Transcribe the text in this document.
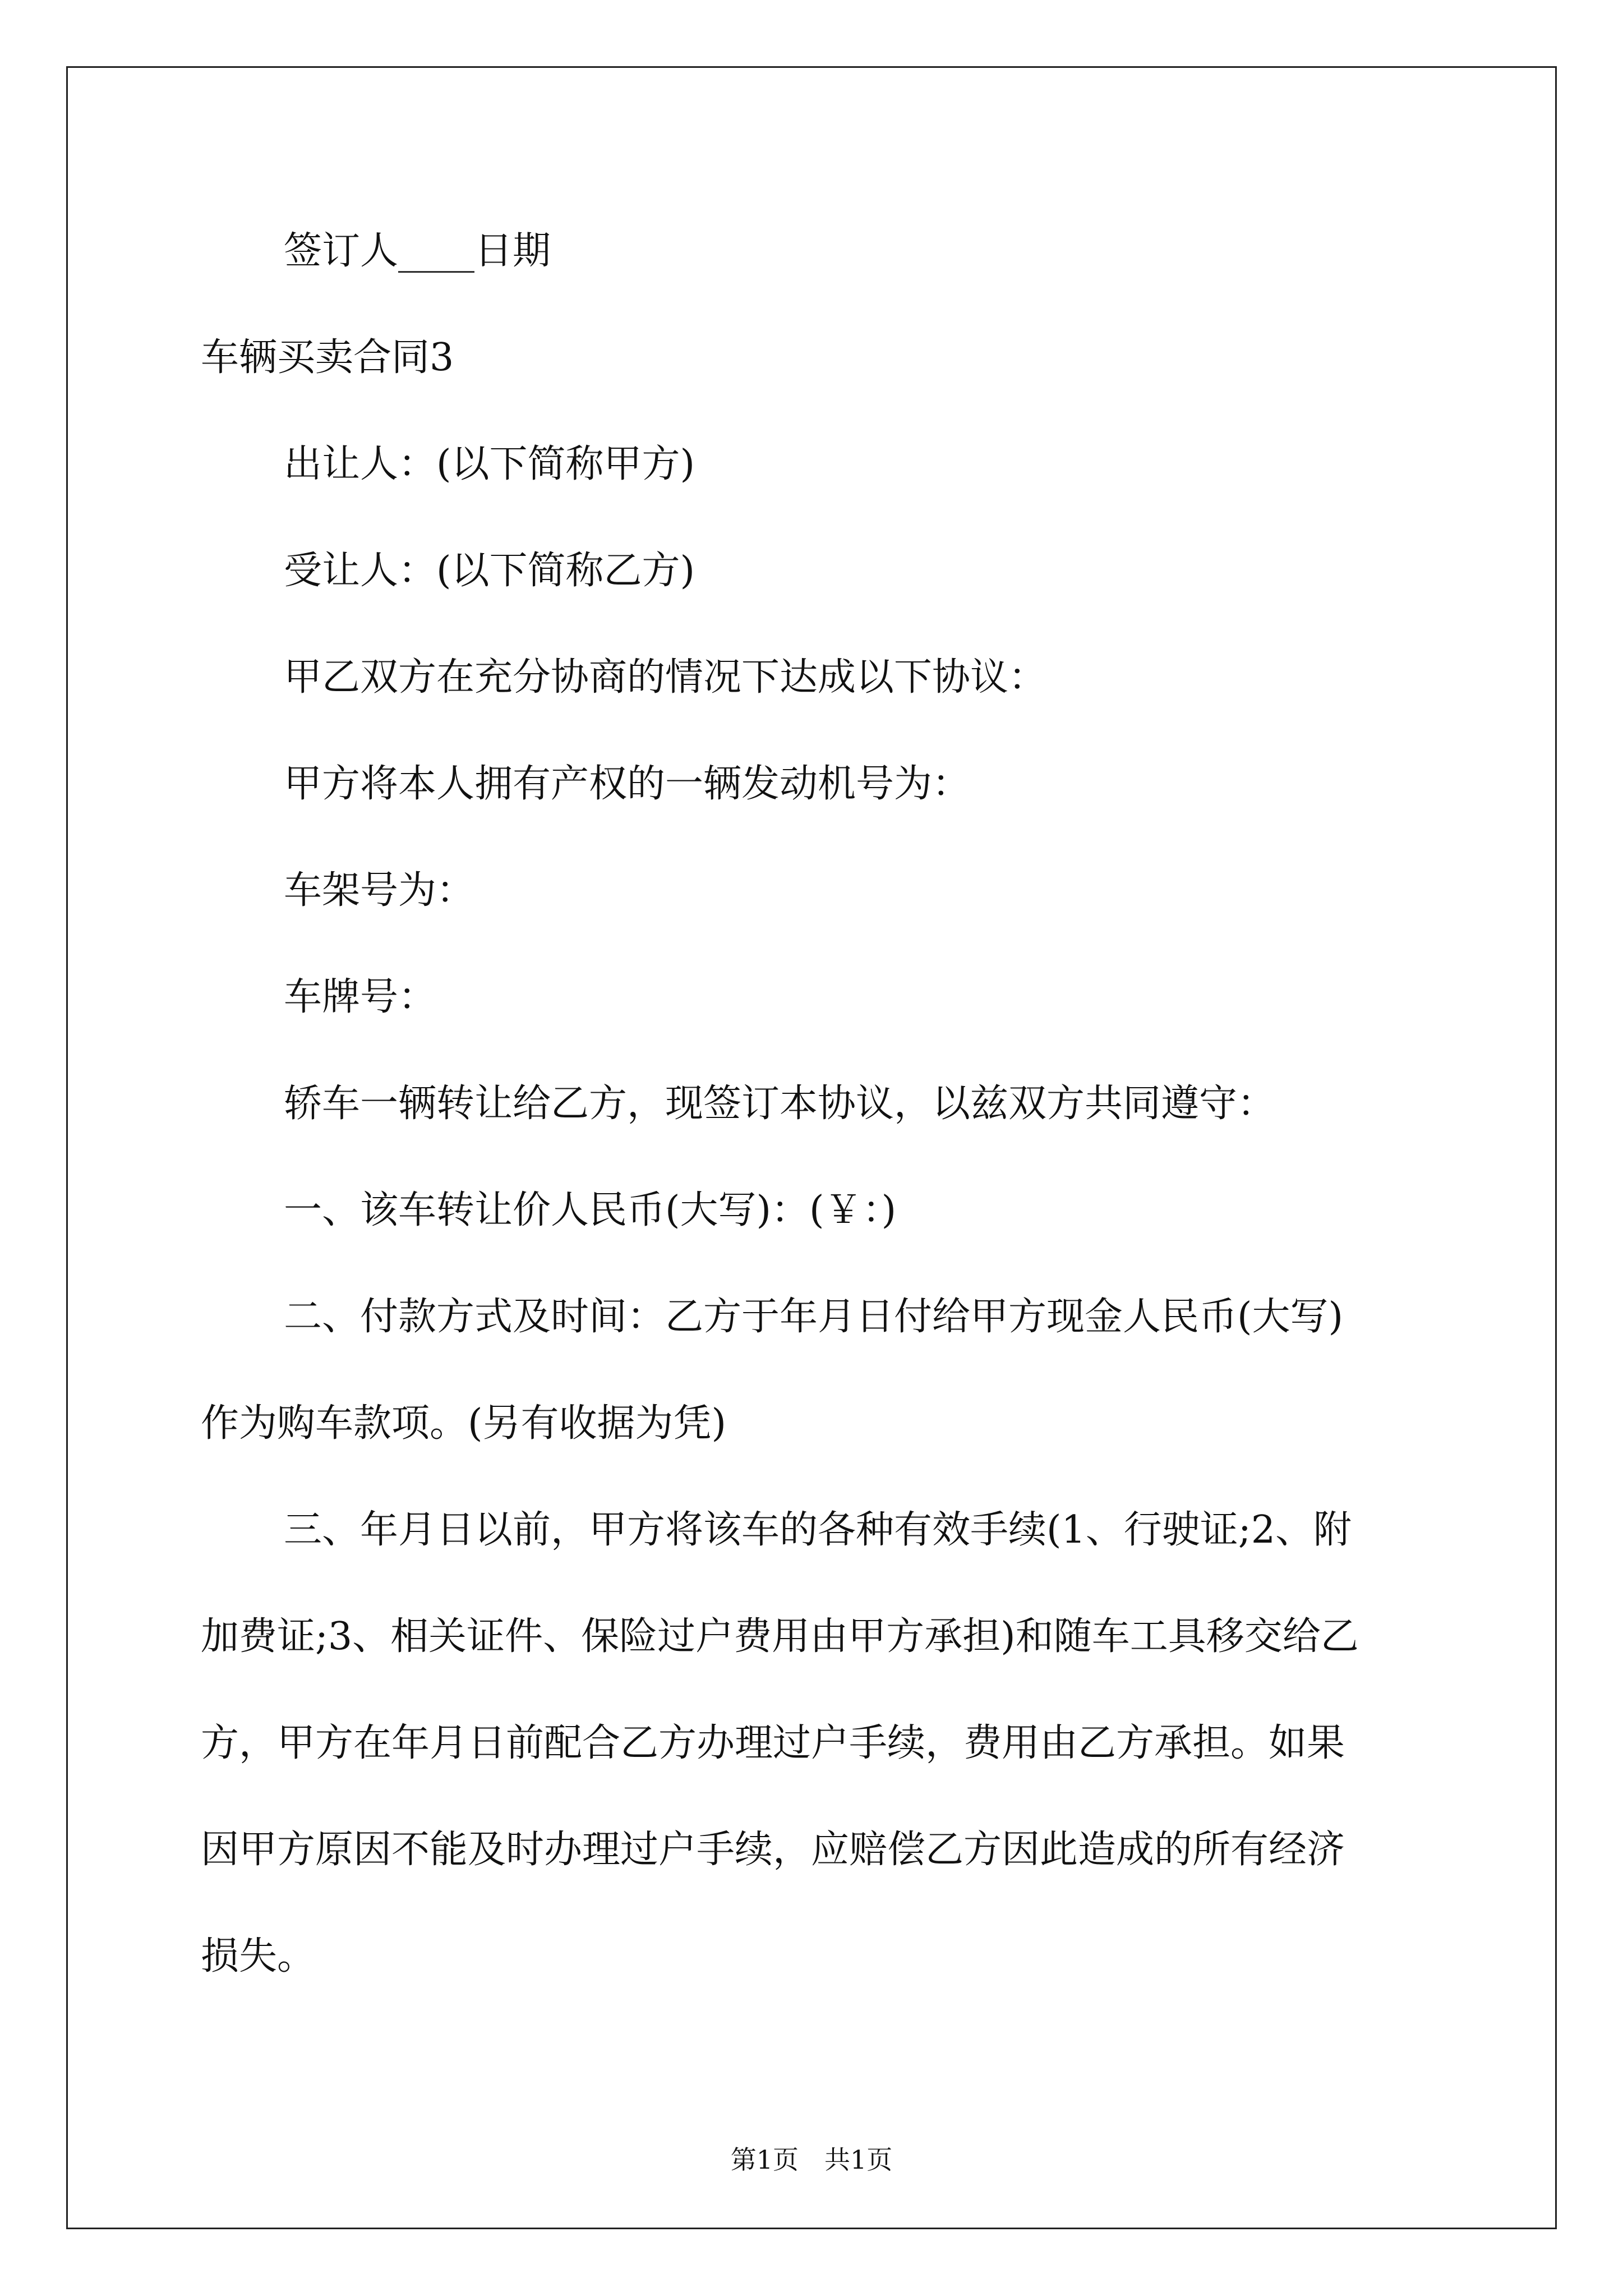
签订人____日期
车辆买卖合同3
出让人：(以下简称甲方)
受让人：(以下简称乙方)
甲乙双方在充分协商的情况下达成以下协议：
甲方将本人拥有产权的一辆发动机号为：
车架号为：
车牌号：
轿车一辆转让给乙方，现签订本协议，以兹双方共同遵守：
一、该车转让价人民币(大写)：(￥：)
二、付款方式及时间：乙方于年月日付给甲方现金人民币(大写)
作为购车款项。(另有收据为凭)
三、年月日以前，甲方将该车的各种有效手续(1、行驶证;2、附
加费证;3、相关证件、保险过户费用由甲方承担)和随车工具移交给乙
方，甲方在年月日前配合乙方办理过户手续，费用由乙方承担。如果
因甲方原因不能及时办理过户手续，应赔偿乙方因此造成的所有经济
损失。
第1页　共1页
